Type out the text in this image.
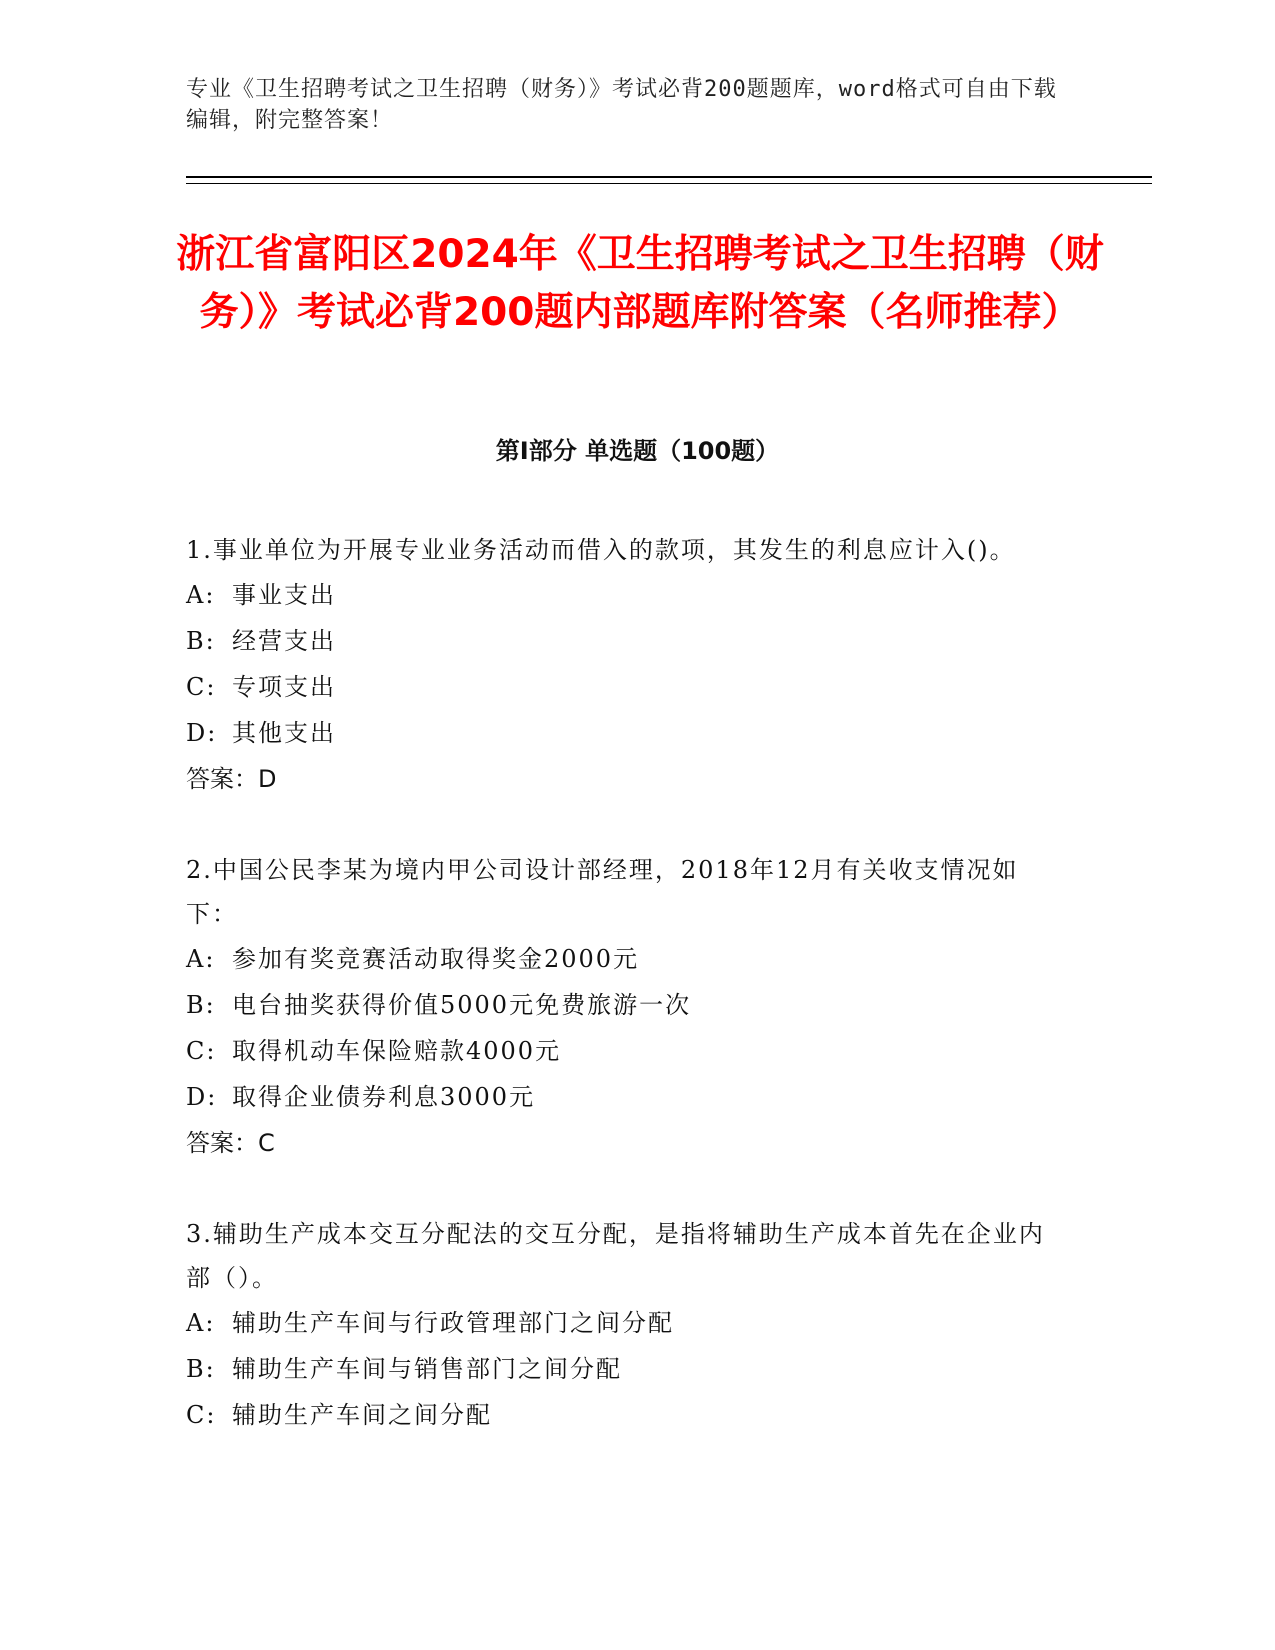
专业《卫生招聘考试之卫生招聘（财务）》考试必背200题题库，word格式可自由下载编辑，附完整答案！
浙江省富阳区2024年《卫生招聘考试之卫生招聘（财务）》考试必背200题内部题库附答案（名师推荐）
第Ⅰ部分 单选题（100题）

1.事业单位为开展专业业务活动而借入的款项，其发生的利息应计入()。

A: 事业支出

B: 经营支出

C: 专项支出

D: 其他支出

答案：D

2.中国公民李某为境内甲公司设计部经理，2018年12月有关收支情况如下：

A: 参加有奖竞赛活动取得奖金2000元

B: 电台抽奖获得价值5000元免费旅游一次

C: 取得机动车保险赔款4000元

D: 取得企业债券利息3000元

答案：C

3.辅助生产成本交互分配法的交互分配，是指将辅助生产成本首先在企业内部（）。

A: 辅助生产车间与行政管理部门之间分配

B: 辅助生产车间与销售部门之间分配

C: 辅助生产车间之间分配
